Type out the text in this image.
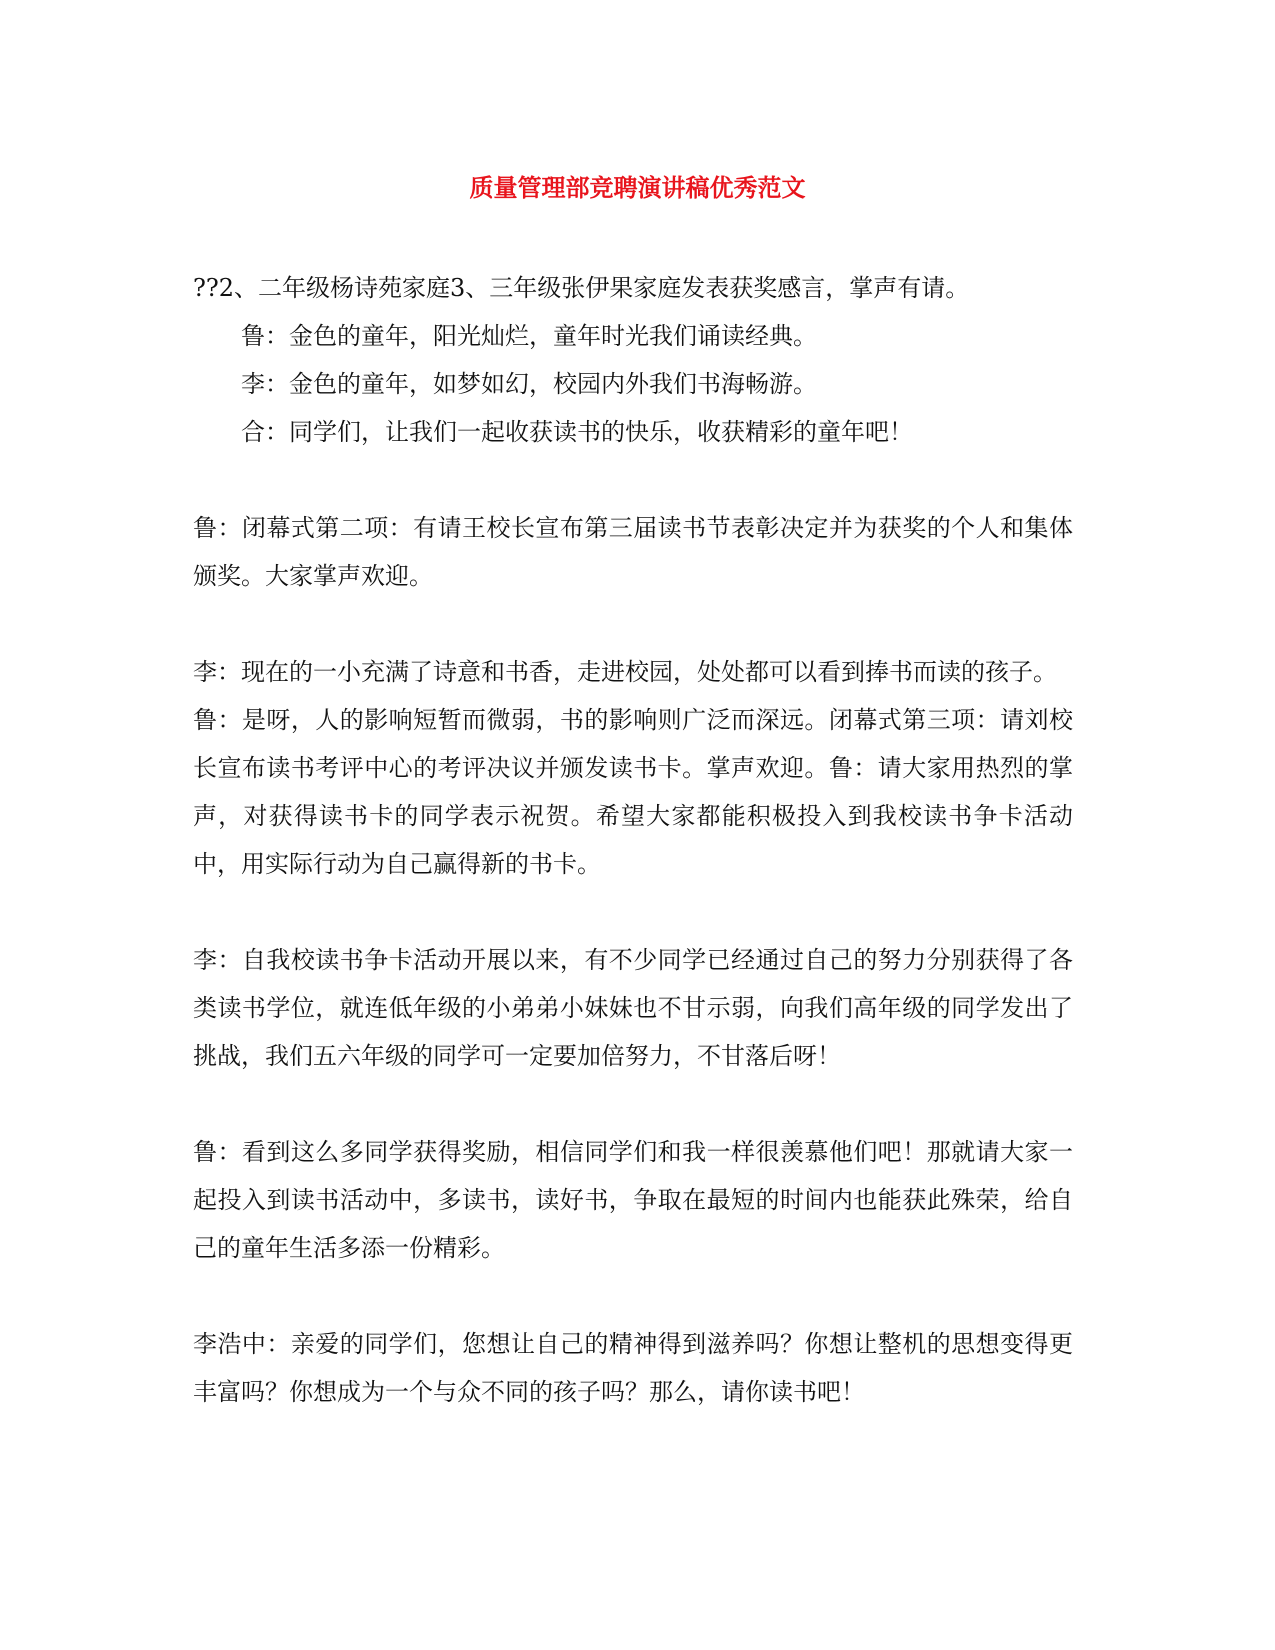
质量管理部竞聘演讲稿优秀范文

??2、二年级杨诗苑家庭3、三年级张伊果家庭发表获奖感言，掌声有请。

鲁：金色的童年，阳光灿烂，童年时光我们诵读经典。

李：金色的童年，如梦如幻，校园内外我们书海畅游。

合：同学们，让我们一起收获读书的快乐，收获精彩的童年吧！

鲁：闭幕式第二项：有请王校长宣布第三届读书节表彰决定并为获奖的个人和集体颁奖。大家掌声欢迎。

李：现在的一小充满了诗意和书香，走进校园，处处都可以看到捧书而读的孩子。

鲁：是呀，人的影响短暂而微弱，书的影响则广泛而深远。闭幕式第三项：请刘校长宣布读书考评中心的考评决议并颁发读书卡。掌声欢迎。鲁：请大家用热烈的掌声，对获得读书卡的同学表示祝贺。希望大家都能积极投入到我校读书争卡活动中，用实际行动为自己赢得新的书卡。

李：自我校读书争卡活动开展以来，有不少同学已经通过自己的努力分别获得了各类读书学位，就连低年级的小弟弟小妹妹也不甘示弱，向我们高年级的同学发出了挑战，我们五六年级的同学可一定要加倍努力，不甘落后呀！

鲁：看到这么多同学获得奖励，相信同学们和我一样很羡慕他们吧！那就请大家一起投入到读书活动中，多读书，读好书，争取在最短的时间内也能获此殊荣，给自己的童年生活多添一份精彩。

李浩中：亲爱的同学们，您想让自己的精神得到滋养吗？你想让整机的思想变得更丰富吗？你想成为一个与众不同的孩子吗？那么，请你读书吧！
